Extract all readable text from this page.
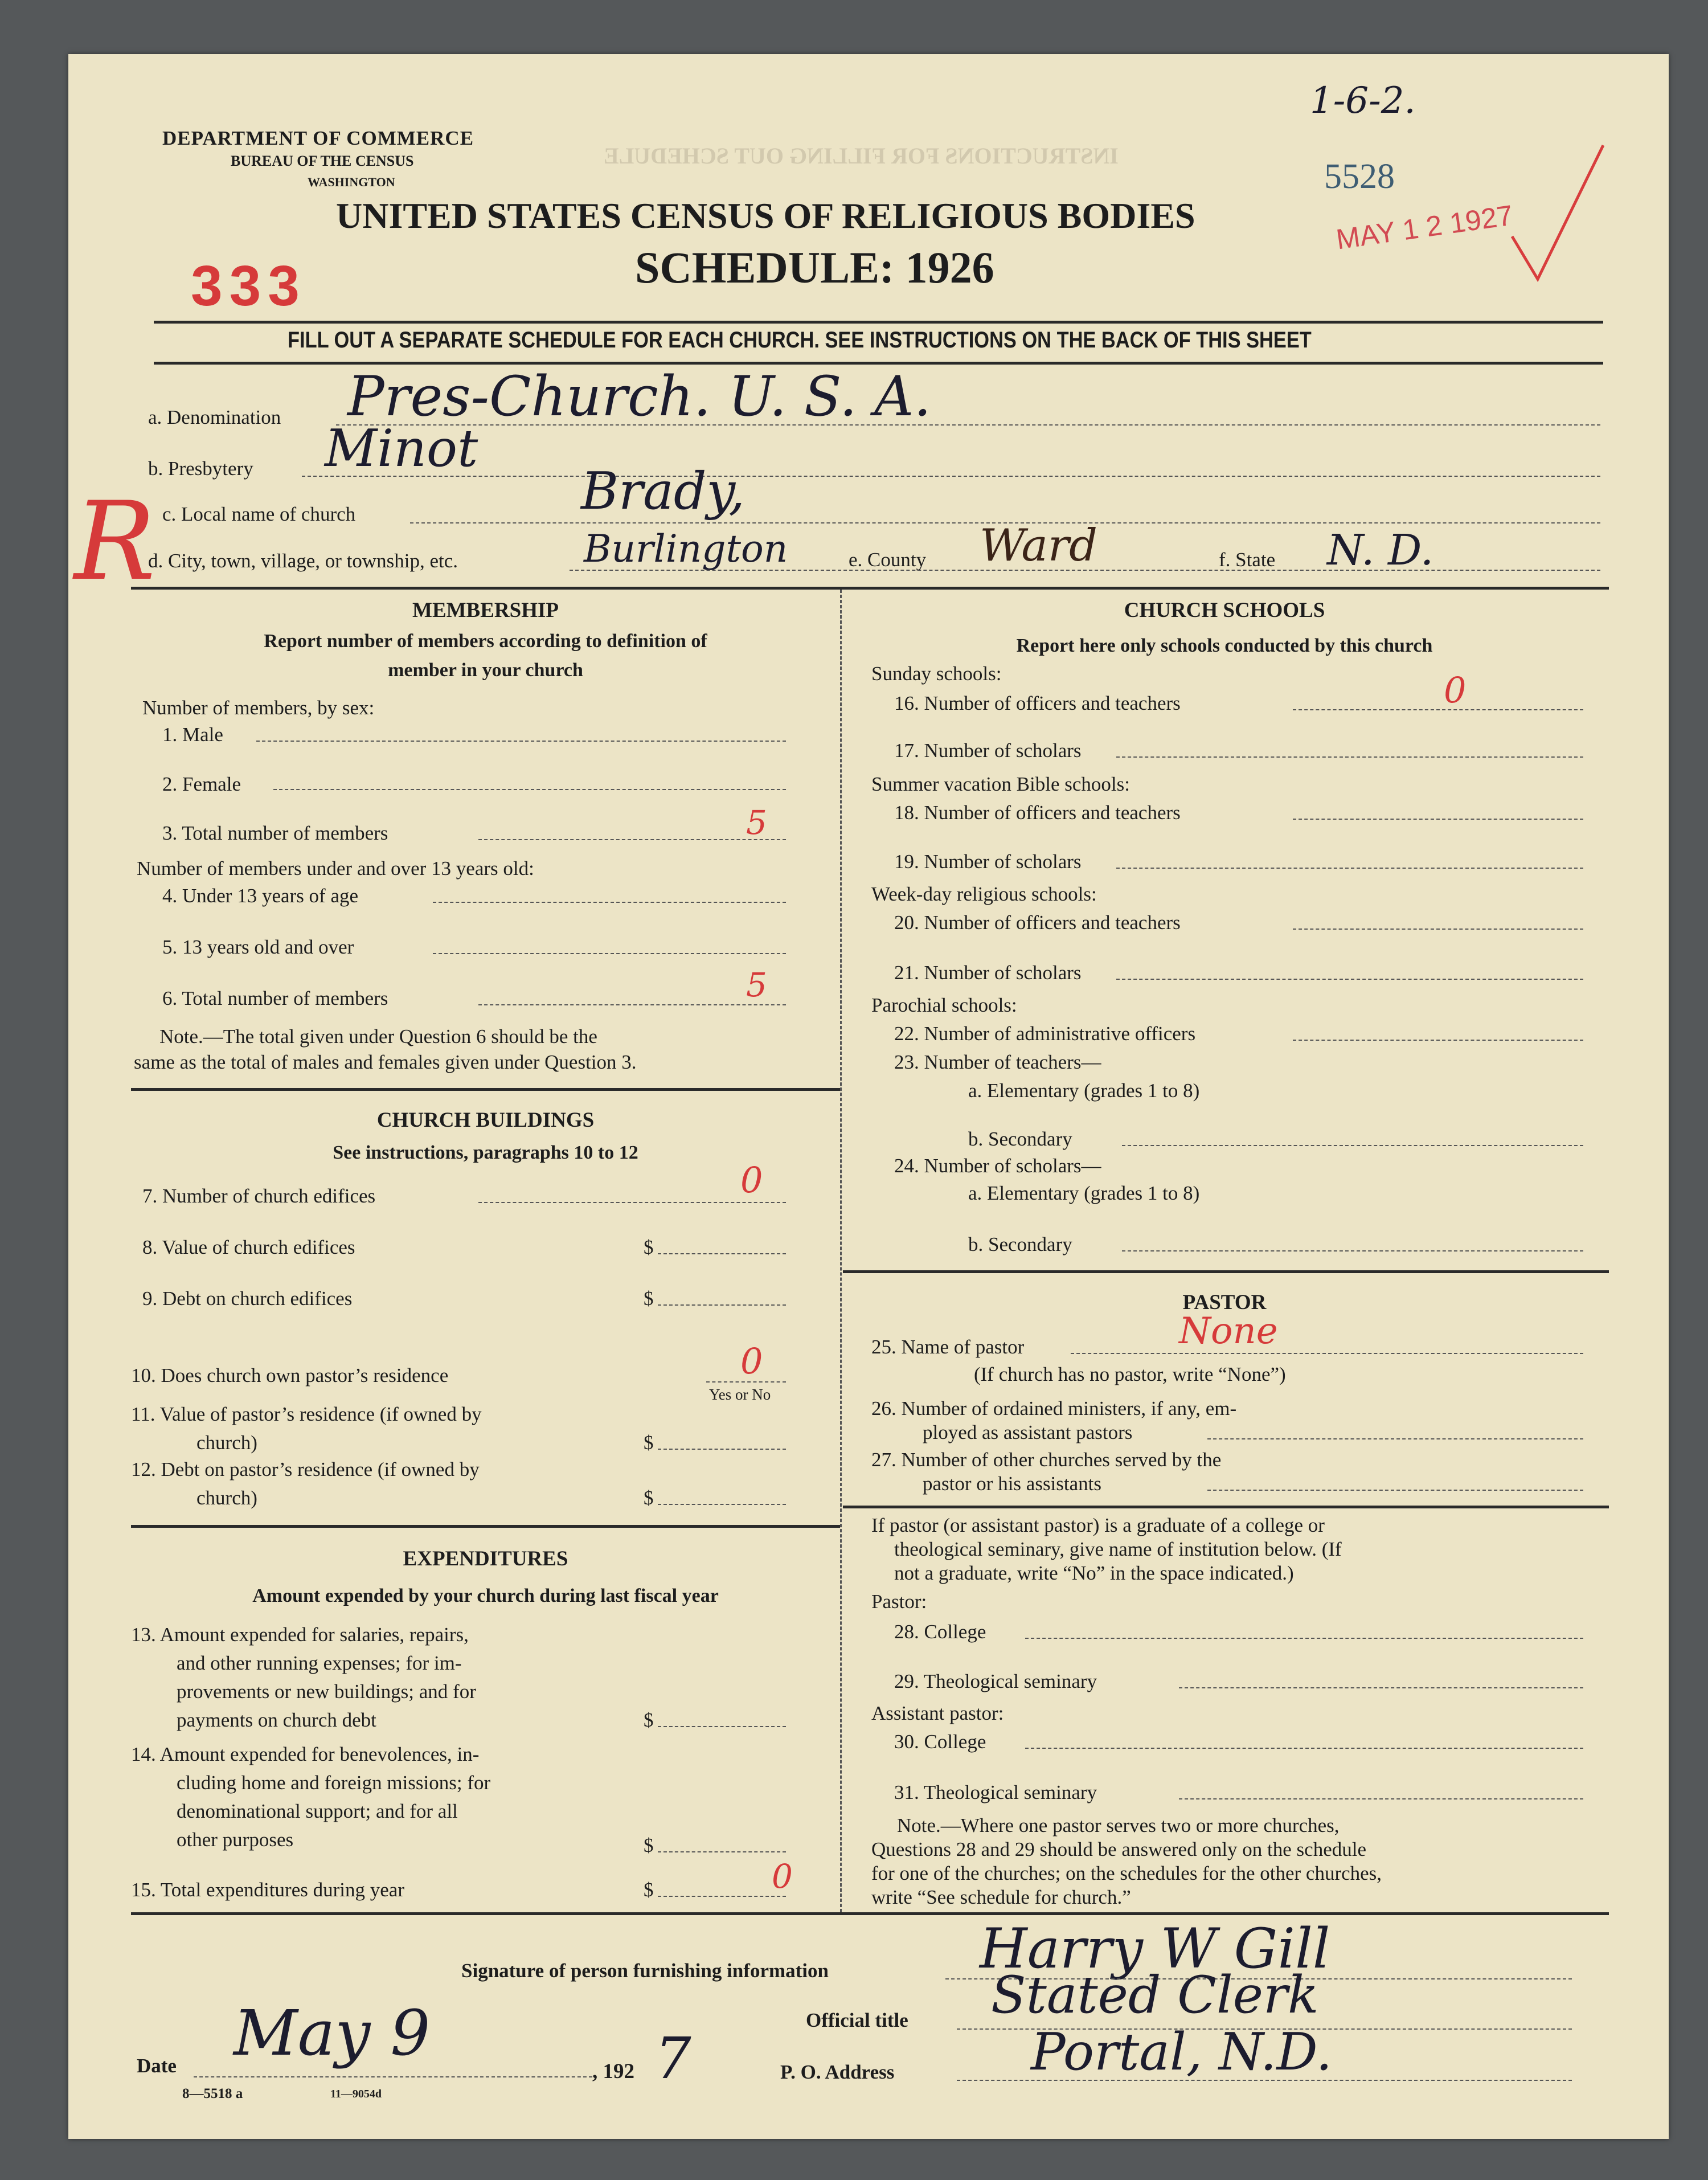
INSTRUCTIONS FOR FILLING OUT SCHEDULE
DEPARTMENT OF COMMERCE
BUREAU OF THE CENSUS
WASHINGTON
UNITED STATES CENSUS OF RELIGIOUS BODIES
SCHEDULE: 1926
5528
MAY 1 2 1927
1-6-2.
333
R
FILL OUT A SEPARATE SCHEDULE FOR EACH CHURCH. SEE INSTRUCTIONS ON THE BACK OF THIS SHEET
a. Denomination Pres-Church. U. S. A.
b. Presbytery Minot
c. Local name of church	Brady,
d. City, town, village, or township, etc.	Burlington	e. County Ward	f. State N. D.
MEMBERSHIP
Report number of members according to definition of
member in your church
Number of members, by sex:
1. Male
2. Female
3. Total number of members	5
Number of members under and over 13 years old:
4. Under 13 years of age
5. 13 years old and over
6. Total number of members	5
Note.—The total given under Question 6 should be the
same as the total of males and females given under Question 3.
CHURCH BUILDINGS
See instructions, paragraphs 10 to 12
7. Number of church edifices	0
8. Value of church edifices	$
9. Debt on church edifices	$
10. Does church own pastor’s residence	0
Yes or No
11. Value of pastor’s residence (if owned by
church)	$
12. Debt on pastor’s residence (if owned by
church)	$
EXPENDITURES
Amount expended by your church during last fiscal year
13. Amount expended for salaries, repairs,
and other running expenses; for im-
provements or new buildings; and for
payments on church debt	$
14. Amount expended for benevolences, in-
cluding home and foreign missions; for
denominational support; and for all
other purposes	$
15. Total expenditures during year	$	0
CHURCH SCHOOLS
Report here only schools conducted by this church
Sunday schools:
16. Number of officers and teachers	0
17. Number of scholars
Summer vacation Bible schools:
18. Number of officers and teachers
19. Number of scholars
Week-day religious schools:
20. Number of officers and teachers
21. Number of scholars
Parochial schools:
22. Number of administrative officers
23. Number of teachers—
a. Elementary (grades 1 to 8)
b. Secondary
24. Number of scholars—
a. Elementary (grades 1 to 8)
b. Secondary
PASTOR
25. Name of pastor	None
(If church has no pastor, write “None”)
26. Number of ordained ministers, if any, em-
ployed as assistant pastors
27. Number of other churches served by the
pastor or his assistants
If pastor (or assistant pastor) is a graduate of a college or
theological seminary, give name of institution below. (If
not a graduate, write “No” in the space indicated.)
Pastor:
28. College
29. Theological seminary
Assistant pastor:
30. College
31. Theological seminary
Note.—Where one pastor serves two or more churches,
Questions 28 and 29 should be answered only on the schedule
for one of the churches; on the schedules for the other churches,
write “See schedule for church.”
Signature of person furnishing information	Harry W Gill
Official title Stated Clerk
Date May 9
, 192 7	P. O. Address	Portal, N.D.
8—5518 a	11—9054d
